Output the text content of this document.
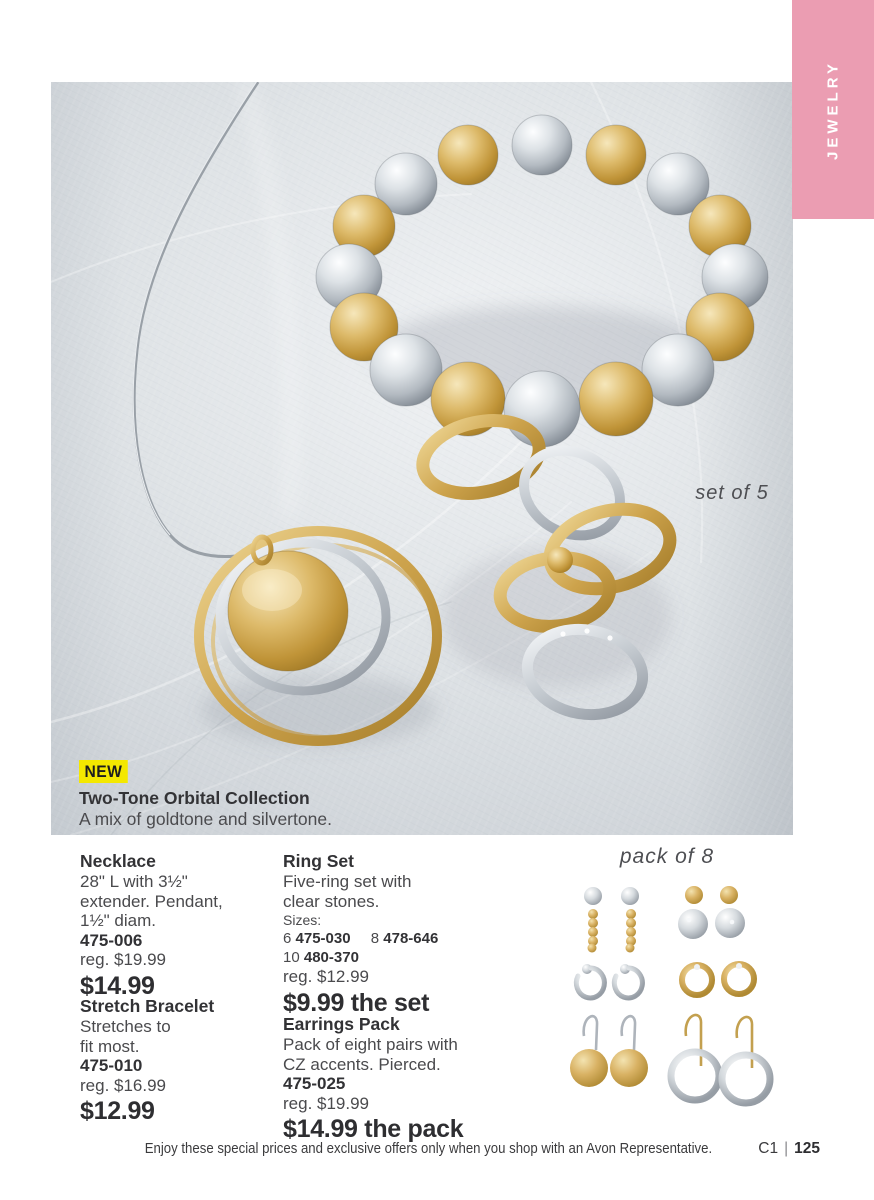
set of 5
NEW
Two-Tone Orbital Collection
A mix of goldtone and silvertone.
JEWELRY
Necklace
28" L with 3½"
extender. Pendant,
1½" diam.
475-006
reg. $19.99
$14.99
Stretch Bracelet
Stretches to
fit most.
475-010
reg. $16.99
$12.99
Ring Set
Five-ring set with
clear stones.
Sizes:
6 475-030 8 478-646
10 480-370
reg. $12.99
$9.99 the set
Earrings Pack
Pack of eight pairs with
CZ accents. Pierced.
475-025
reg. $19.99
$14.99 the pack
pack of 8
Enjoy these special prices and exclusive offers only when you shop with an Avon Representative.	C1 | 125
